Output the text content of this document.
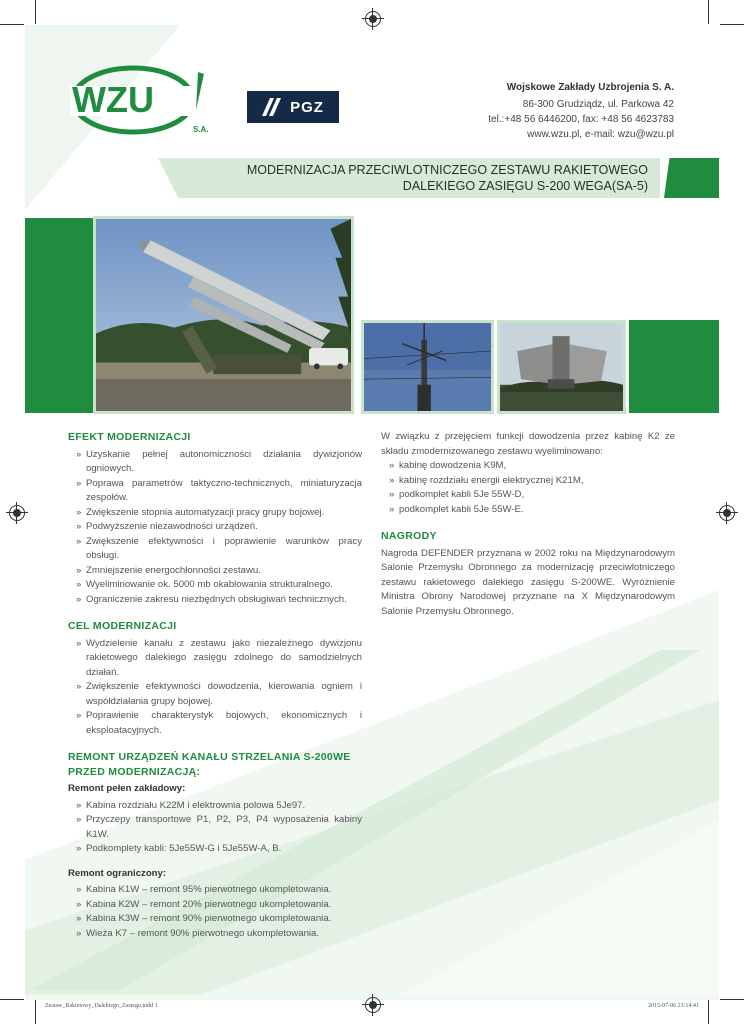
WZU
S.A.
PGZ
Wojskowe Zakłady Uzbrojenia S. A.
86-300 Grudziądz, ul. Parkowa 42
tel.:+48 56 6446200, fax: +48 56 4623783
www.wzu.pl, e-mail: wzu@wzu.pl
MODERNIZACJA PRZECIWLOTNICZEGO ZESTAWU RAKIETOWEGO
DALEKIEGO ZASIĘGU S-200 WEGA(SA-5)
EFEKT MODERNIZACJI
» Uzyskanie pełnej autonomiczności działania dywizjonów ogniowych.
» Poprawa parametrów taktyczno-technicznych, miniaturyzacja zespołów.
» Zwiększenie stopnia automatyzacji pracy grupy bojowej.
» Podwyższenie niezawodności urządzeń.
» Zwiększenie efektywności i poprawienie warunków pracy obsługi.
» Zmniejszenie energochłonności zestawu.
» Wyeliminowanie ok. 5000 mb okablowania strukturalnego.
» Ograniczenie zakresu niezbędnych obsługiwań technicznych.
CEL MODERNIZACJI
» Wydzielenie kanału z zestawu jako niezależnego dywizjonu rakietowego dalekiego zasięgu zdolnego do samodzielnych działań.
» Zwiększenie efektywności dowodzenia, kierowania ogniem i współdziałania grupy bojowej.
» Poprawienie charakterystyk bojowych, ekonomicznych i eksploatacyjnych.
REMONT URZĄDZEŃ KANAŁU STRZELANIA S-200WE PRZED MODERNIZACJĄ:
Remont pełen zakładowy:
» Kabina rozdziału K22M i elektrownia polowa 5Je97.
» Przyczepy transportowe P1, P2, P3, P4 wyposażenia kabiny K1W.
» Podkomplety kabli: 5Je55W-G i 5Je55W-A, B.
Remont ograniczony:
» Kabina K1W – remont 95% pierwotnego ukompletowania.
» Kabina K2W – remont 20% pierwotnego ukompletowania.
» Kabina K3W – remont 90% pierwotnego ukompletowania.
» Wieża K7 – remont 90% pierwotnego ukompletowania.

W związku z przejęciem funkcji dowodzenia przez kabinę K2 ze składu zmodernizowanego zestawu wyeliminowano:

» kabinę dowodzenia K9M,
» kabinę rozdziału energii elektrycznej K21M,
» podkomplet kabli 5Je 55W-D,
» podkomplet kabli 5Je 55W-E.
NAGRODY

Nagroda DEFENDER przyznana w 2002 roku na Międzynarodowym Salonie Przemysłu Obronnego za modernizację przeciwlotniczego zestawu rakietowego dalekiego zasięgu S-200WE. Wyróżnienie Ministra Obrony Narodowej przyznane na X Międzynarodowym Salonie Przemysłu Obronnego.

Zestaw_Rakietowy_Dalekiego_Zasiegu.indd 1	2015-07-06 23:14:41
